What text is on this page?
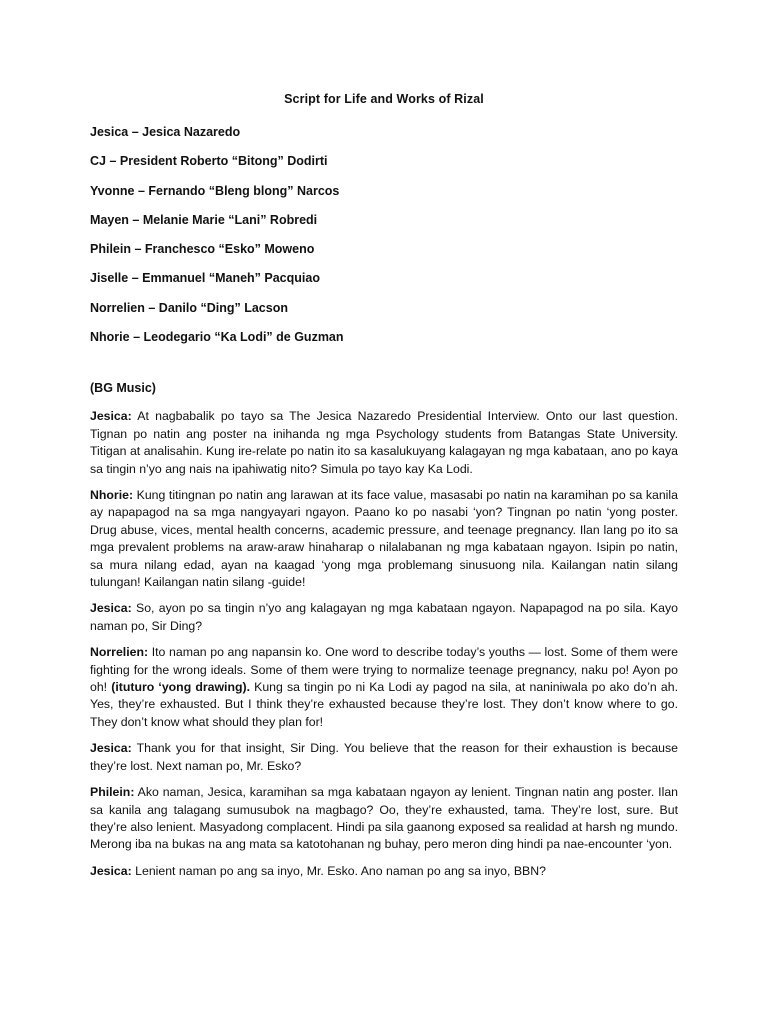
Script for Life and Works of Rizal
Jesica – Jesica Nazaredo
CJ – President Roberto “Bitong” Dodirti
Yvonne – Fernando “Bleng blong” Narcos
Mayen – Melanie Marie “Lani” Robredi
Philein – Franchesco “Esko” Moweno
Jiselle – Emmanuel “Maneh” Pacquiao
Norrelien – Danilo “Ding” Lacson
Nhorie – Leodegario “Ka Lodi” de Guzman
(BG Music)

Jesica: At nagbabalik po tayo sa The Jesica Nazaredo Presidential Interview. Onto our last question. Tignan po natin ang poster na inihanda ng mga Psychology students from Batangas State University. Titigan at analisahin. Kung ire-relate po natin ito sa kasalukuyang kalagayan ng mga kabataan, ano po kaya sa tingin n’yo ang nais na ipahiwatig nito? Simula po tayo kay Ka Lodi.

Nhorie: Kung titingnan po natin ang larawan at its face value, masasabi po natin na karamihan po sa kanila ay napapagod na sa mga nangyayari ngayon. Paano ko po nasabi ‘yon? Tingnan po natin ‘yong poster. Drug abuse, vices, mental health concerns, academic pressure, and teenage pregnancy. Ilan lang po ito sa mga prevalent problems na araw-araw hinaharap o nilalabanan ng mga kabataan ngayon. Isipin po natin, sa mura nilang edad, ayan na kaagad ‘yong mga problemang sinusuong nila. Kailangan natin silang tulungan! Kailangan natin silang -guide!

Jesica: So, ayon po sa tingin n’yo ang kalagayan ng mga kabataan ngayon. Napapagod na po sila. Kayo naman po, Sir Ding?

Norrelien: Ito naman po ang napansin ko. One word to describe today’s youths — lost. Some of them were fighting for the wrong ideals. Some of them were trying to normalize teenage pregnancy, naku po! Ayon po oh! (ituturo ‘yong drawing). Kung sa tingin po ni Ka Lodi ay pagod na sila, at naniniwala po ako do’n ah. Yes, they’re exhausted. But I think they’re exhausted because they’re lost. They don’t know where to go. They don’t know what should they plan for!

Jesica: Thank you for that insight, Sir Ding. You believe that the reason for their exhaustion is because they’re lost. Next naman po, Mr. Esko?

Philein: Ako naman, Jesica, karamihan sa mga kabataan ngayon ay lenient. Tingnan natin ang poster. Ilan sa kanila ang talagang sumusubok na magbago? Oo, they’re exhausted, tama. They’re lost, sure. But they’re also lenient. Masyadong complacent. Hindi pa sila gaanong exposed sa realidad at harsh ng mundo. Merong iba na bukas na ang mata sa katotohanan ng buhay, pero meron ding hindi pa nae-encounter ‘yon.

Jesica: Lenient naman po ang sa inyo, Mr. Esko. Ano naman po ang sa inyo, BBN?
